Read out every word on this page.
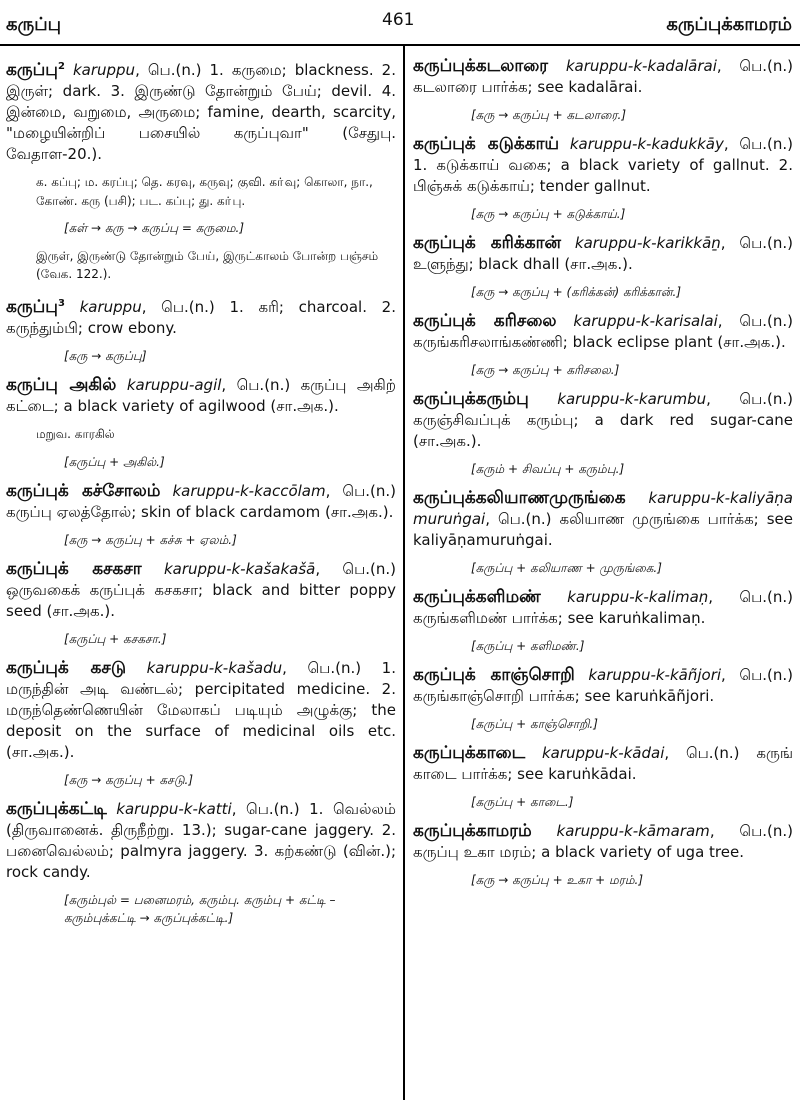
கருப்பு	461	கருப்புக்காமரம்
கருப்பு$^2$ karuppu, பெ.(n.) 1. கருமை; blackness. 2. இருள்; dark. 3. இருண்டு தோன்றும் பேய்; devil. 4. இன்மை, வறுமை, அருமை; famine, dearth, scarcity, "மழையின்றிப் பசையில் கருப்புவா" (சேதுபு. வேதாள-20.).
க. கப்பு; ம. கரப்பு; தெ. கரவு, கருவு; குவி. கா்வு; கொலா, நா., கோண். கரு (பசி); பட. கப்பு; து. கா்பு.
[கள் → கரு → கருப்பு = கருமை.]
இருள், இருண்டு தோன்றும் பேய், இருட்காலம் போன்ற பஞ்சம் (வேக. 122.).
கருப்பு$^3$ karuppu, பெ.(n.) 1. கரி; charcoal. 2. கருந்தும்பி; crow ebony.
[கரு → கருப்பு]
கருப்பு அகில் karuppu-agil, பெ.(n.) கருப்பு அகிற் கட்டை; a black variety of agilwood (சா.அக.).
மறுவ. காரகில்
[கருப்பு + அகில்.]
கருப்புக் கச்சோலம் karuppu-k-kaccōlam, பெ.(n.) கருப்பு ஏலத்தோல்; skin of black cardamom (சா.அக.).
[கரு → கருப்பு + கச்சு + ஏலம்.]
கருப்புக் கசகசா karuppu-k-kašakašā, பெ.(n.) ஒருவகைக் கருப்புக் கசகசா; black and bitter poppy seed (சா.அக.).
[கருப்பு + கசகசா.]
கருப்புக் கசடு karuppu-k-kašadu, பெ.(n.) 1. மருந்தின் அடி வண்டல்; percipitated medicine. 2. மருந்தெண்ணெயின் மேலாகப் படியும் அழுக்கு; the deposit on the surface of medicinal oils etc. (சா.அக.).
[கரு → கருப்பு + கசடு.]
கருப்புக்கட்டி karuppu-k-katti, பெ.(n.) 1. வெல்லம் (திருவானைக். திருநீற்று. 13.); sugar-cane jaggery. 2. பனைவெல்லம்; palmyra jaggery. 3. கற்கண்டு (வின்.); rock candy.
[கரும்புல் = பனைமரம், கரும்பு. கரும்பு + கட்டி – கரும்புக்கட்டி → கருப்புக்கட்டி.]
கருப்புக்கடலாரை karuppu-k-kadalārai, பெ.(n.) கடலாரை பார்க்க; see kadalārai.
[கரு → கருப்பு + கடலாரை.]
கருப்புக் கடுக்காய் karuppu-k-kadukkāy, பெ.(n.) 1. கடுக்காய் வகை; a black variety of gallnut. 2. பிஞ்சுக் கடுக்காய்; tender gallnut.
[கரு → கருப்பு + கடுக்காய்.]
கருப்புக் கரிக்கான் karuppu-k-karikkāṉ, பெ.(n.) உளுந்து; black dhall (சா.அக.).
[கரு → கருப்பு + (கரிக்கன்) கரிக்கான்.]
கருப்புக் கரிசலை karuppu-k-karisalai, பெ.(n.) கருங்கரிசலாங்கண்ணி; black eclipse plant (சா.அக.).
[கரு → கருப்பு + கரிசலை.]
கருப்புக்கரும்பு karuppu-k-karumbu, பெ.(n.) கருஞ்சிவப்புக் கரும்பு; a dark red sugar-cane (சா.அக.).
[கரும் + சிவப்பு + கரும்பு.]
கருப்புக்கலியாணமுருங்கை karuppu-k-kaliyāṇa muruṅgai, பெ.(n.) கலியாண முருங்கை பார்க்க; see kaliyāṇamuruṅgai.
[கருப்பு + கலியாண + முருங்கை.]
கருப்புக்களிமண் karuppu-k-kalimaṇ, பெ.(n.) கருங்களிமண் பார்க்க; see karuṅkalimaṇ.
[கருப்பு + களிமண்.]
கருப்புக் காஞ்சொறி karuppu-k-kāñjori, பெ.(n.) கருங்காஞ்சொறி பார்க்க; see karuṅkāñjori.
[கருப்பு + காஞ்சொறி.]
கருப்புக்காடை karuppu-k-kādai, பெ.(n.) கருங் காடை பார்க்க; see karuṅkādai.
[கருப்பு + காடை.]
கருப்புக்காமரம் karuppu-k-kāmaram, பெ.(n.) கருப்பு உகா மரம்; a black variety of uga tree.
[கரு → கருப்பு + உகா + மரம்.]
